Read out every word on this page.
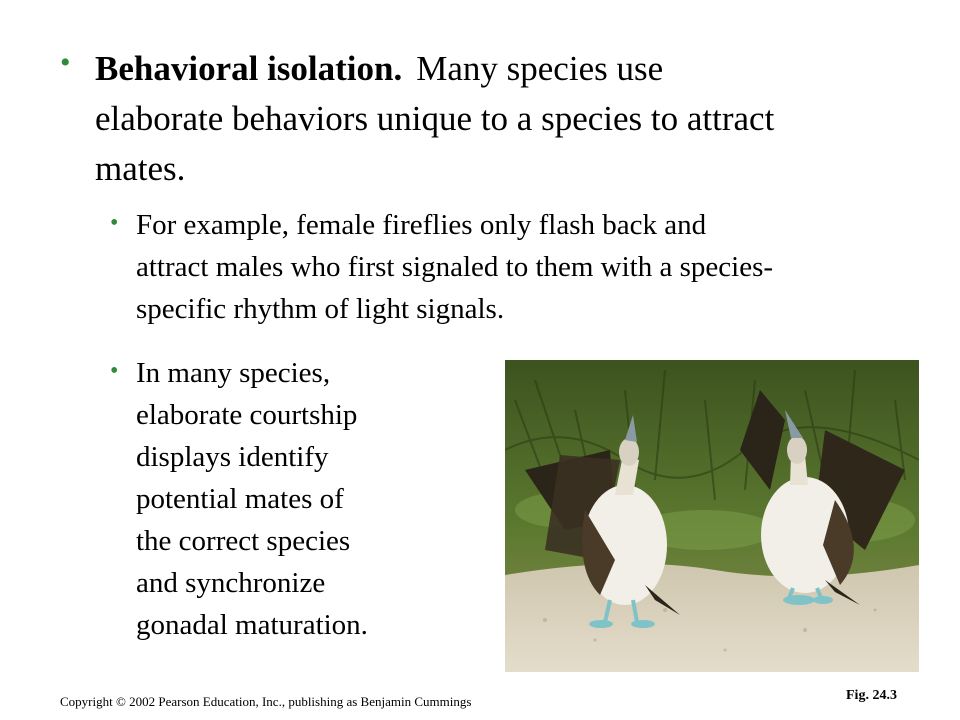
• Behavioral isolation. Many species use
elaborate behaviors unique to a species to attract
mates.
• For example, female fireflies only flash back and
attract males who first signaled to them with a species-
specific rhythm of light signals.
• In many species,
elaborate courtship
displays identify
potential mates of
the correct species
and synchronize
gonadal maturation.
Copyright © 2002 Pearson Education, Inc., publishing as Benjamin Cummings	Fig. 24.3
